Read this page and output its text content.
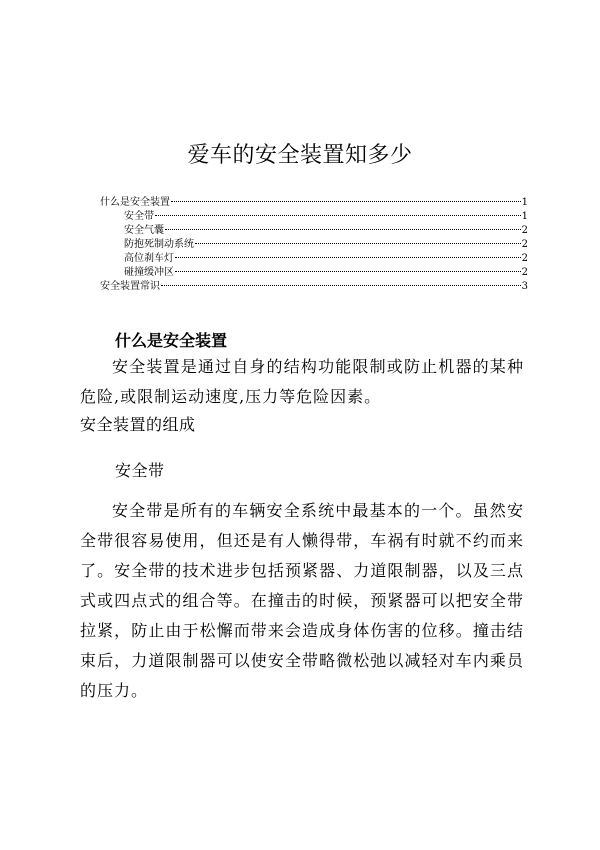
爱车的安全装置知多少
什么是安全装置	1
安全带	1
安全气囊	2
防抱死制动系统	2
高位刹车灯	2
碰撞缓冲区	2
安全装置常识	3
什么是安全装置

安全装置是通过自身的结构功能限制或防止机器的某种危险,或限制运动速度,压力等危险因素。

安全装置的组成
安全带

安全带是所有的车辆安全系统中最基本的一个。虽然安全带很容易使用，但还是有人懒得带，车祸有时就不约而来了。安全带的技术进步包括预紧器、力道限制器，以及三点式或四点式的组合等。在撞击的时候，预紧器可以把安全带拉紧，防止由于松懈而带来会造成身体伤害的位移。撞击结束后，力道限制器可以使安全带略微松弛以减轻对车内乘员的压力。
